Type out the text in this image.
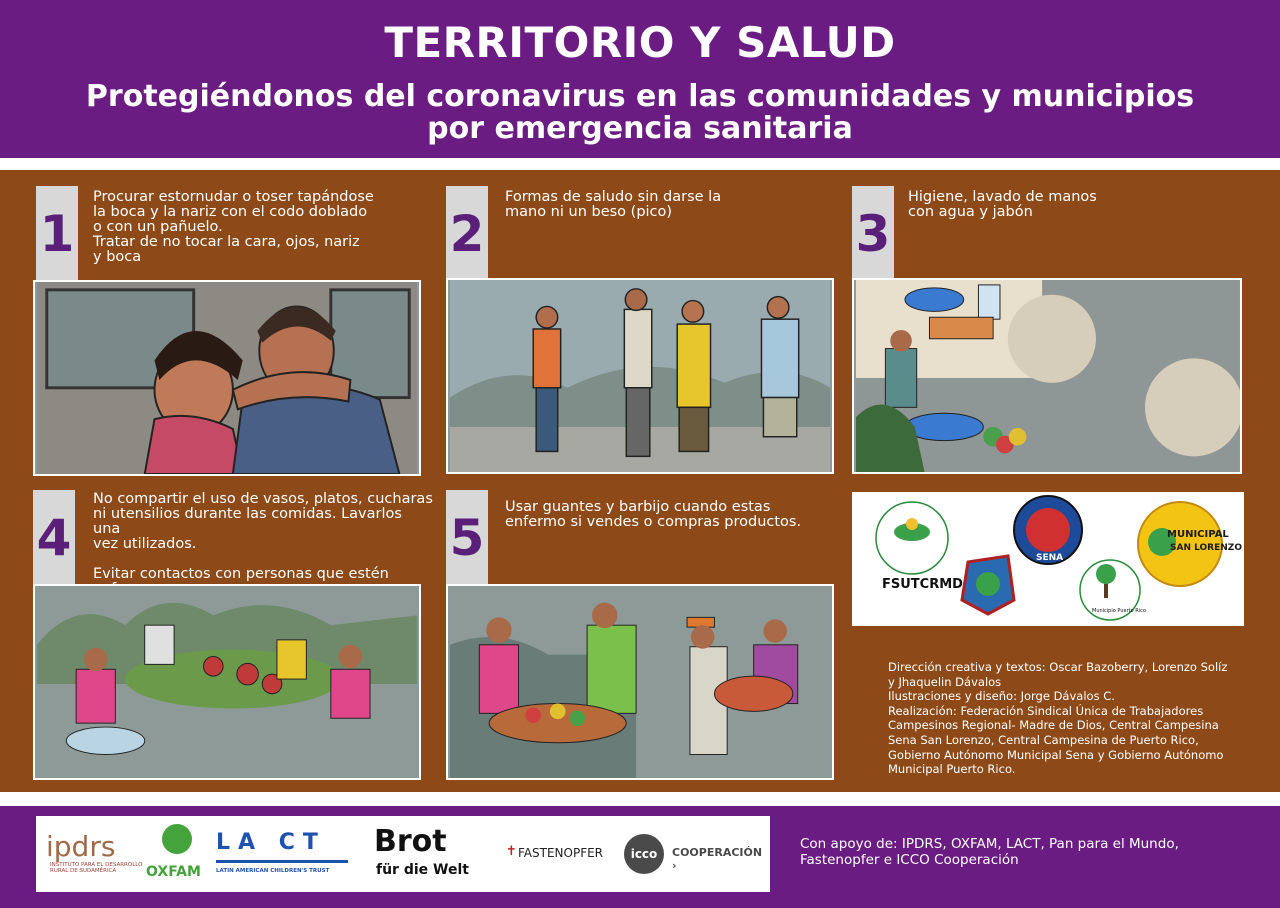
TERRITORIO Y SALUD
Protegiéndonos del coronavirus en las comunidades y municipios por emergencia sanitaria
1
Procurar estornudar o toser tapándose
la boca y la nariz con el codo doblado
o con un pañuelo.
Tratar de no tocar la cara, ojos, nariz
y boca	2
Formas de saludo sin darse la
mano ni un beso (pico)	3
Higiene, lavado de manos
con agua y jabón
4
No compartir el uso de vasos, platos, cucharas
ni utensilios durante las comidas. Lavarlos una
vez utilizados.
Evitar contactos con personas que estén
5
Usar guantes y barbijo cuando estas
enfermo si vendes o compras productos.
FSUTCRMD
SENA
Municipio Puerto Rico
MUNICIPAL
SAN LORENZO
Dirección creativa y textos: Oscar Bazoberry, Lorenzo Solíz
y Jhaquelin Dávalos
Ilustraciones y diseño: Jorge Dávalos C.
Realización: Federación Sindical Única de Trabajadores
Campesinos Regional- Madre de Dios, Central Campesina
Sena San Lorenzo, Central Campesina de Puerto Rico,
Gobierno Autónomo Municipal Sena y Gobierno Autónomo
Municipal Puerto Rico.
ipdrs
INSTITUTO PARA EL DESARROLLO RURAL DE SUDAMÉRICA	OXFAM
LA CT
LATIN AMERICAN CHILDREN'S TRUST
Brot
für die Welt
✝ FASTENOPFER	icco	COOPERACIÓN ›
Con apoyo de: IPDRS, OXFAM, LACT, Pan para el Mundo,
Fastenopfer e ICCO Cooperación
